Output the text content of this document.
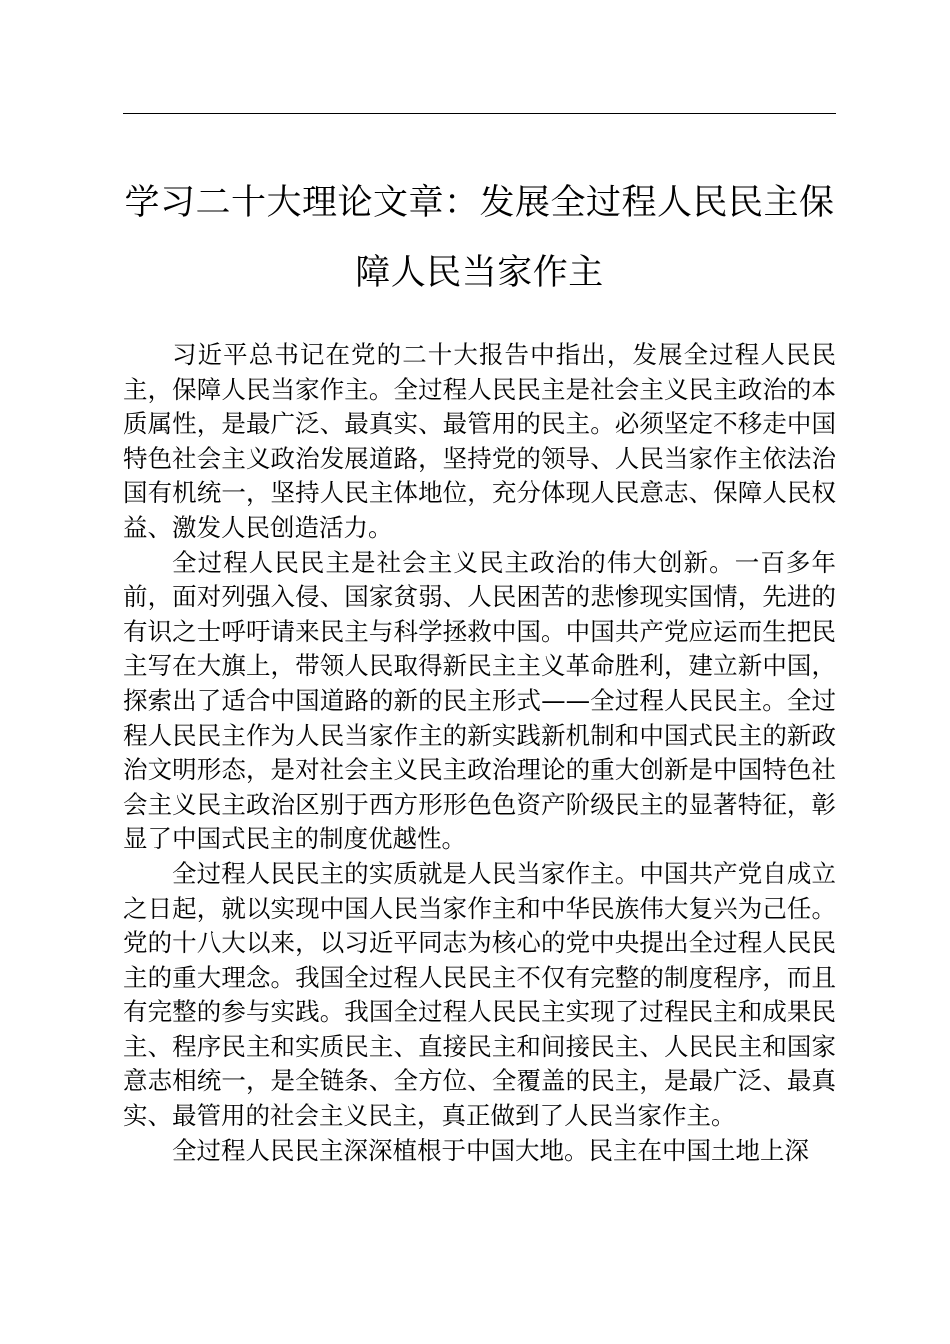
学习二十大理论文章：发展全过程人民民主保障人民当家作主

习近平总书记在党的二十大报告中指出，发展全过程人民民主，保障人民当家作主。全过程人民民主是社会主义民主政治的本质属性，是最广泛、最真实、最管用的民主。必须坚定不移走中国特色社会主义政治发展道路，坚持党的领导、人民当家作主依法治国有机统一，坚持人民主体地位，充分体现人民意志、保障人民权益、激发人民创造活力。

全过程人民民主是社会主义民主政治的伟大创新。一百多年前，面对列强入侵、国家贫弱、人民困苦的悲惨现实国情，先进的有识之士呼吁请来民主与科学拯救中国。中国共产党应运而生把民主写在大旗上，带领人民取得新民主主义革命胜利，建立新中国，探索出了适合中国道路的新的民主形式——全过程人民民主。全过程人民民主作为人民当家作主的新实践新机制和中国式民主的新政治文明形态，是对社会主义民主政治理论的重大创新是中国特色社会主义民主政治区别于西方形形色色资产阶级民主的显著特征，彰显了中国式民主的制度优越性。

全过程人民民主的实质就是人民当家作主。中国共产党自成立之日起，就以实现中国人民当家作主和中华民族伟大复兴为己任。党的十八大以来，以习近平同志为核心的党中央提出全过程人民民主的重大理念。我国全过程人民民主不仅有完整的制度程序，而且有完整的参与实践。我国全过程人民民主实现了过程民主和成果民主、程序民主和实质民主、直接民主和间接民主、人民民主和国家意志相统一，是全链条、全方位、全覆盖的民主，是最广泛、最真实、最管用的社会主义民主，真正做到了人民当家作主。

全过程人民民主深深植根于中国大地。民主在中国土地上深
